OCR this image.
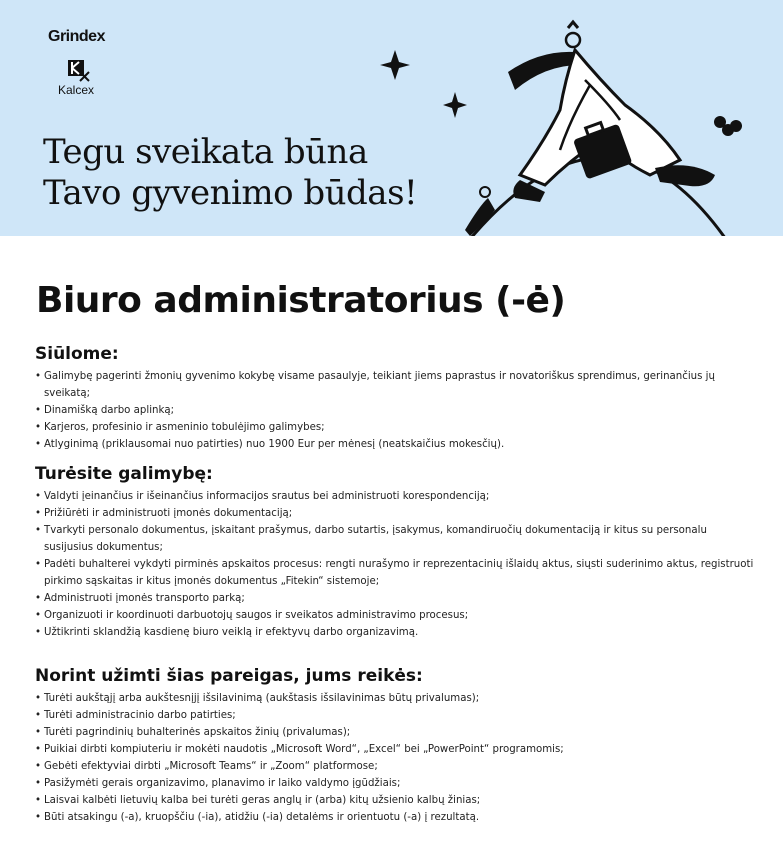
Grindex
Kalcex
Tegu sveikata būna
Tavo gyvenimo būdas!
Biuro administratorius (-ė)
Siūlome:
• Galimybę pagerinti žmonių gyvenimo kokybę visame pasaulyje, teikiant jiems paprastus ir novatoriškus sprendimus, gerinančius jų sveikatą;
• Dinamišką darbo aplinką;
• Karjeros, profesinio ir asmeninio tobulėjimo galimybes;
• Atlyginimą (priklausomai nuo patirties) nuo 1900 Eur per mėnesį (neatskaičius mokesčių).
Turėsite galimybę:
• Valdyti įeinančius ir išeinančius informacijos srautus bei administruoti korespondenciją;
• Prižiūrėti ir administruoti įmonės dokumentaciją;
• Tvarkyti personalo dokumentus, įskaitant prašymus, darbo sutartis, įsakymus, komandiruočių dokumentaciją ir kitus su personalu susijusius dokumentus;
• Padėti buhalterei vykdyti pirminės apskaitos procesus: rengti nurašymo ir reprezentacinių išlaidų aktus, siųsti suderinimo aktus, registruoti pirkimo sąskaitas ir kitus įmonės dokumentus „Fitekin“ sistemoje;
• Administruoti įmonės transporto parką;
• Organizuoti ir koordinuoti darbuotojų saugos ir sveikatos administravimo procesus;
• Užtikrinti sklandžią kasdienę biuro veiklą ir efektyvų darbo organizavimą.
Norint užimti šias pareigas, jums reikės:
• Turėti aukštąjį arba aukštesnįjį išsilavinimą (aukštasis išsilavinimas būtų privalumas);
• Turėti administracinio darbo patirties;
• Turėti pagrindinių buhalterinės apskaitos žinių (privalumas);
• Puikiai dirbti kompiuteriu ir mokėti naudotis „Microsoft Word“, „Excel“ bei „PowerPoint“ programomis;
• Gebėti efektyviai dirbti „Microsoft Teams“ ir „Zoom“ platformose;
• Pasižymėti gerais organizavimo, planavimo ir laiko valdymo įgūdžiais;
• Laisvai kalbėti lietuvių kalba bei turėti geras anglų ir (arba) kitų užsienio kalbų žinias;
• Būti atsakingu (-a), kruopščiu (-ia), atidžiu (-ia) detalėms ir orientuotu (-a) į rezultatą.
